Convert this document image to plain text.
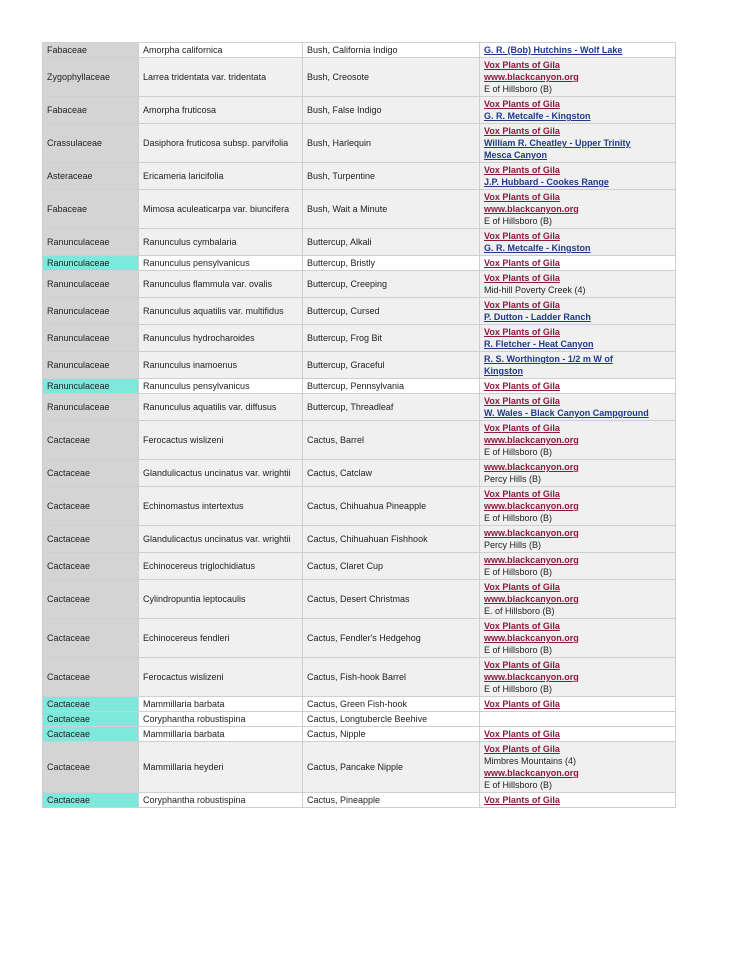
Fabaceae	Amorpha californica	Bush, California Indigo	G. R. (Bob) Hutchins - Wolf Lake

Zygophyllaceae	Larrea tridentata var. tridentata	Bush, Creosote	Vox Plants of Gila
www.blackcanyon.org
E of Hillsboro (B)

Fabaceae	Amorpha fruticosa	Bush, False Indigo	Vox Plants of Gila
G. R. Metcalfe - Kingston

Crassulaceae	Dasiphora fruticosa subsp. parvifolia	Bush, Harlequin	Vox Plants of Gila
William R. Cheatley - Upper Trinity
Mesca Canyon

Asteraceae	Ericameria laricifolia	Bush, Turpentine	Vox Plants of Gila
J.P. Hubbard - Cookes Range

Fabaceae	Mimosa aculeaticarpa var. biuncifera	Bush, Wait a Minute	Vox Plants of Gila
www.blackcanyon.org
E of Hillsboro (B)

Ranunculaceae	Ranunculus cymbalaria	Buttercup, Alkali	Vox Plants of Gila
G. R. Metcalfe - Kingston

Ranunculaceae	Ranunculus pensylvanicus	Buttercup, Bristly	Vox Plants of Gila

Ranunculaceae	Ranunculus flammula var. ovalis	Buttercup, Creeping	Vox Plants of Gila
Mid-hill Poverty Creek (4)

Ranunculaceae	Ranunculus aquatilis var. multifidus	Buttercup, Cursed	Vox Plants of Gila
P. Dutton - Ladder Ranch

Ranunculaceae	Ranunculus hydrocharoides	Buttercup, Frog Bit	Vox Plants of Gila
R. Fletcher - Heat Canyon

Ranunculaceae	Ranunculus inamoenus	Buttercup, Graceful	R. S. Worthington - 1/2 m W of
Kingston

Ranunculaceae	Ranunculus pensylvanicus	Buttercup, Pennsylvania	Vox Plants of Gila

Ranunculaceae	Ranunculus aquatilis var. diffusus	Buttercup, Threadleaf	Vox Plants of Gila
W. Wales - Black Canyon Campground

Cactaceae	Ferocactus wislizeni	Cactus, Barrel	Vox Plants of Gila
www.blackcanyon.org
E of Hillsboro (B)

Cactaceae	Glandulicactus uncinatus var. wrightii	Cactus, Catclaw	www.blackcanyon.org
Percy Hills (B)

Cactaceae	Echinomastus intertextus	Cactus, Chihuahua Pineapple	Vox Plants of Gila
www.blackcanyon.org
E of Hillsboro (B)

Cactaceae	Glandulicactus uncinatus var. wrightii	Cactus, Chihuahuan Fishhook	www.blackcanyon.org
Percy Hills (B)

Cactaceae	Echinocereus triglochidiatus	Cactus, Claret Cup	www.blackcanyon.org
E of Hillsboro (B)

Cactaceae	Cylindropuntia leptocaulis	Cactus, Desert Christmas	Vox Plants of Gila
www.blackcanyon.org
E. of Hillsboro (B)

Cactaceae	Echinocereus fendleri	Cactus, Fendler's Hedgehog	Vox Plants of Gila
www.blackcanyon.org
E of Hillsboro (B)

Cactaceae	Ferocactus wislizeni	Cactus, Fish-hook Barrel	Vox Plants of Gila
www.blackcanyon.org
E of Hillsboro (B)

Cactaceae	Mammillaria barbata	Cactus, Green Fish-hook	Vox Plants of Gila

Cactaceae	Coryphantha robustispina	Cactus, Longtubercle Beehive	
Cactaceae	Mammillaria barbata	Cactus, Nipple	Vox Plants of Gila

Cactaceae	Mammillaria heyderi	Cactus, Pancake Nipple	Vox Plants of Gila
Mimbres Mountains (4)
www.blackcanyon.org
E of Hillsboro (B)

Cactaceae	Coryphantha robustispina	Cactus, Pineapple	Vox Plants of Gila
